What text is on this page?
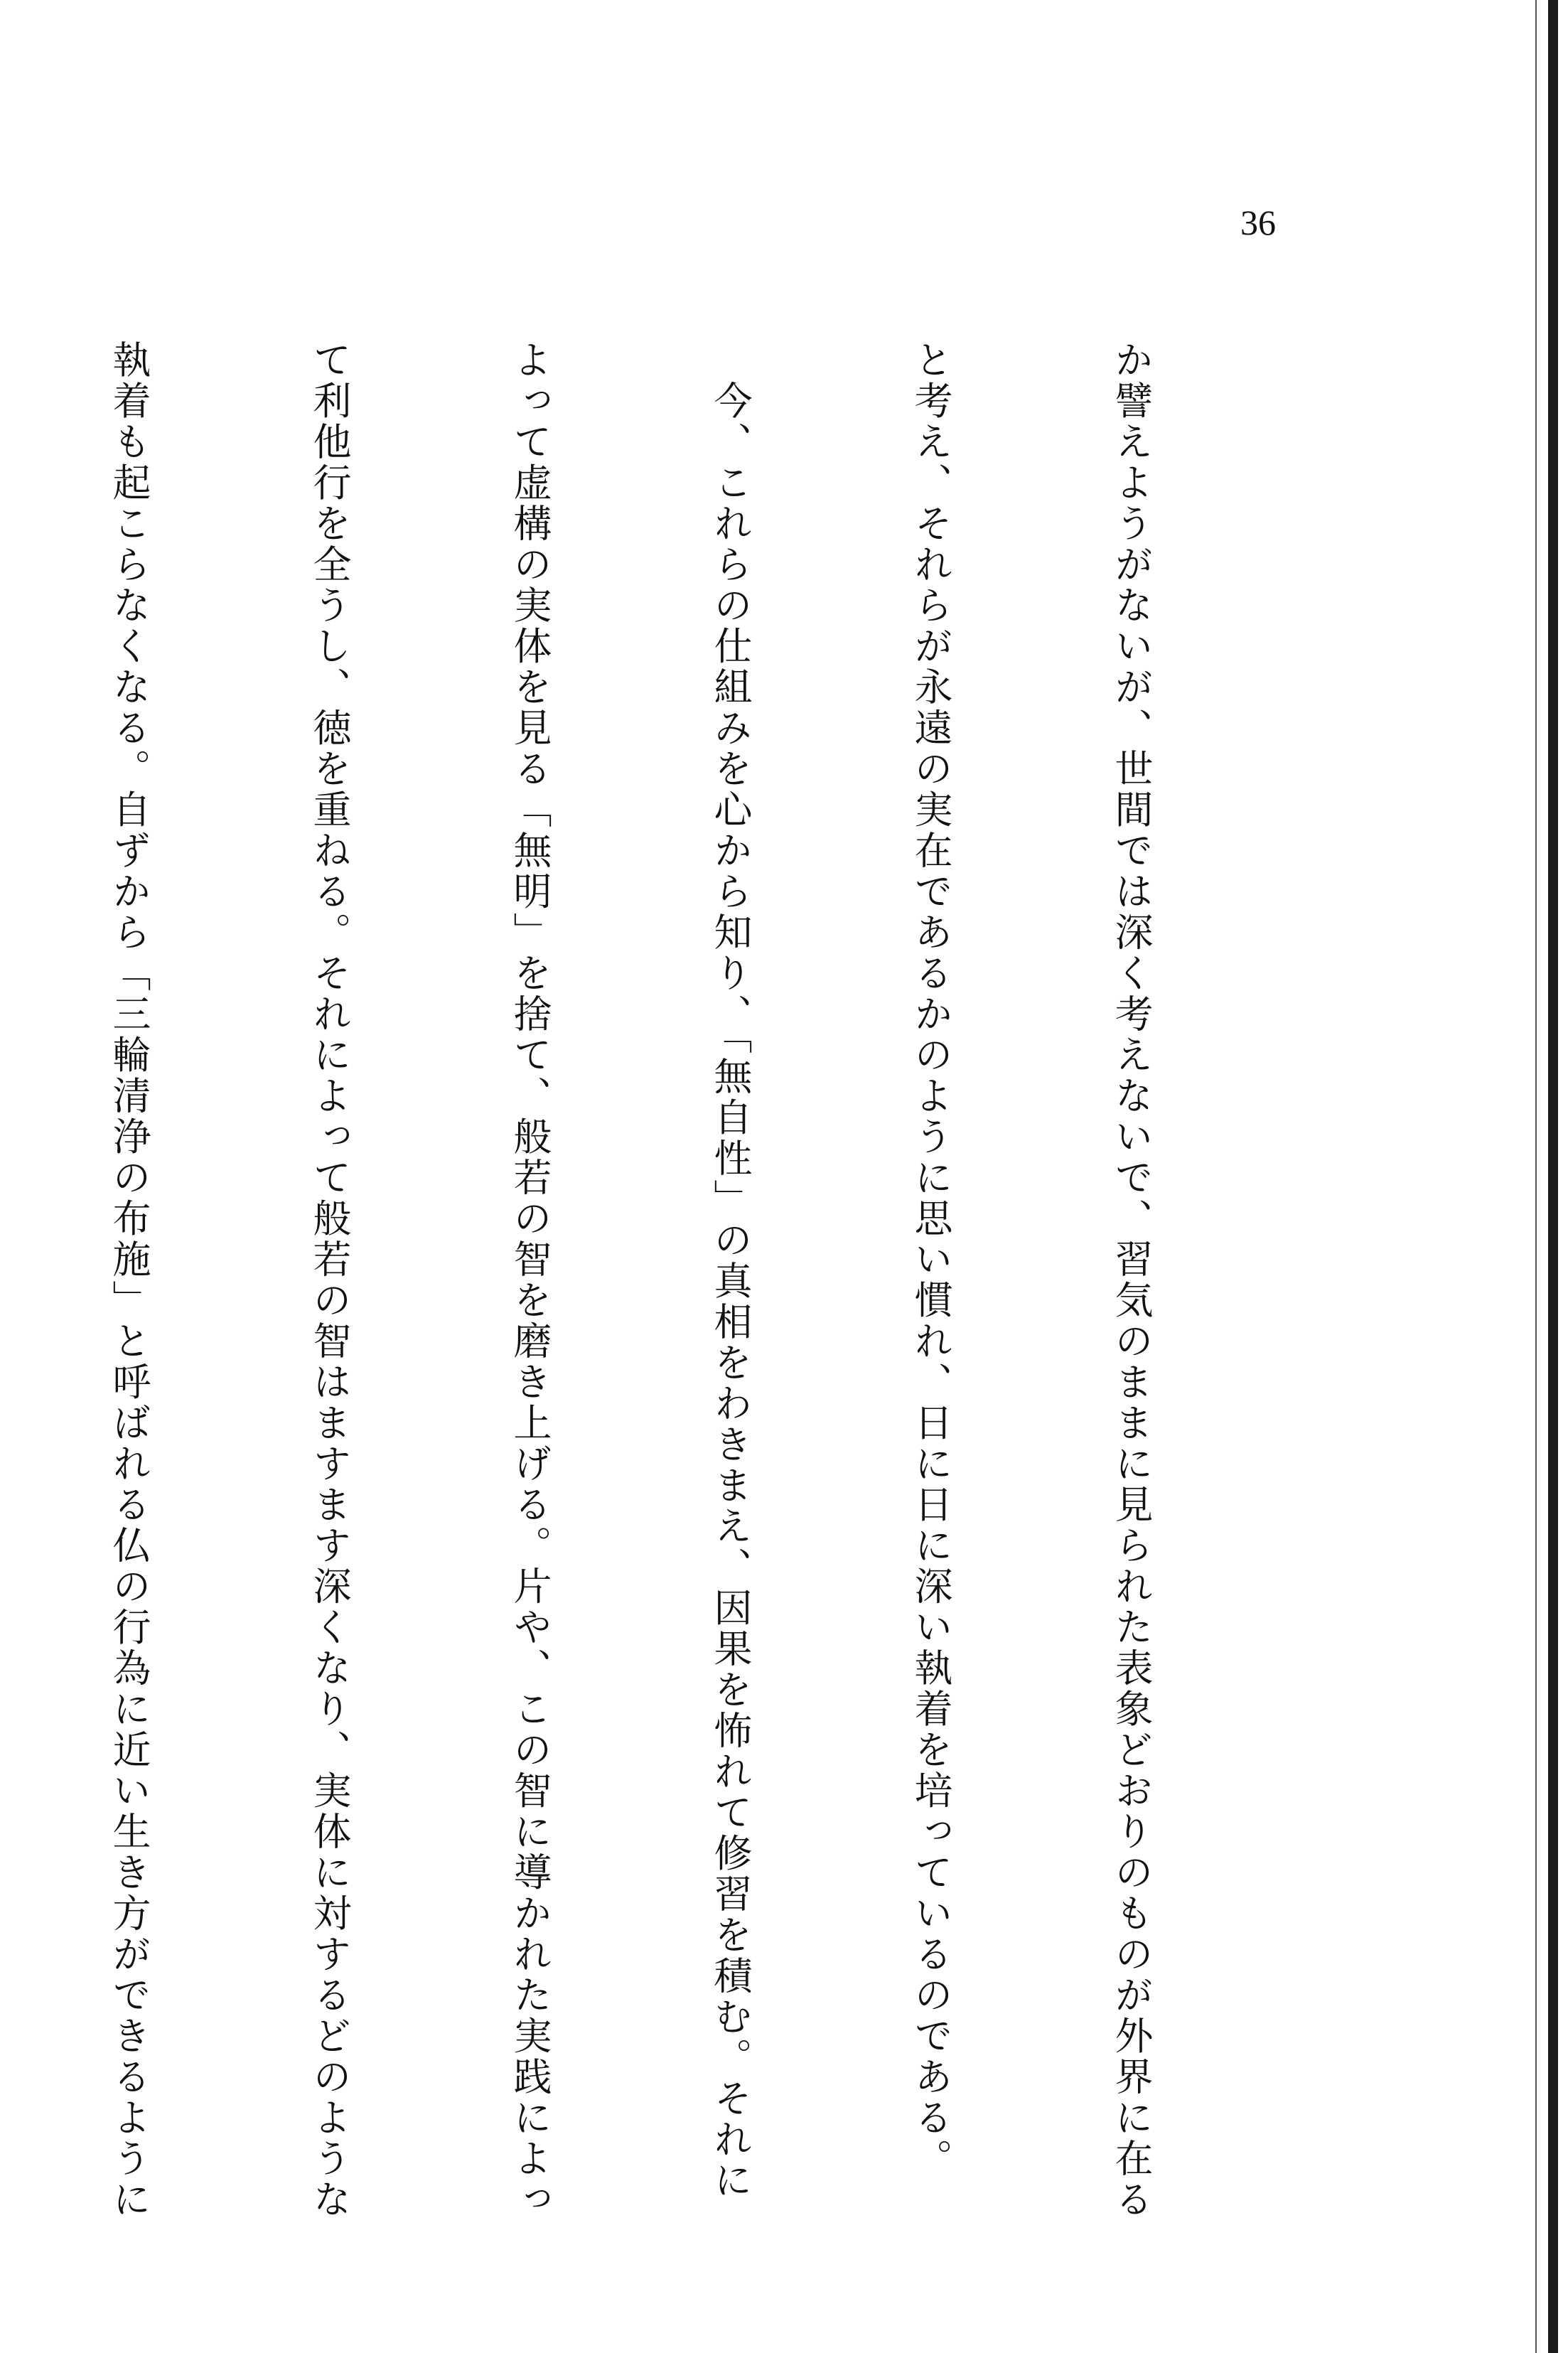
36

か譬えようがないが、世間では深く考えないで、習気のままに見られた表象どおりのものが外界に在る

と考え、それらが永遠の実在であるかのように思い慣れ、日に日に深い執着を培っているのである。

　今、これらの仕組みを心から知り、「無自性」の真相をわきまえ、因果を怖れて修習を積む。それに

よって虚構の実体を見る「無明」を捨て、般若の智を磨き上げる。片や、この智に導かれた実践によっ

て利他行を全うし、徳を重ねる。それによって般若の智はますます深くなり、実体に対するどのような

執着も起こらなくなる。自ずから「三輪清浄の布施」と呼ばれる仏の行為に近い生き方ができるように
